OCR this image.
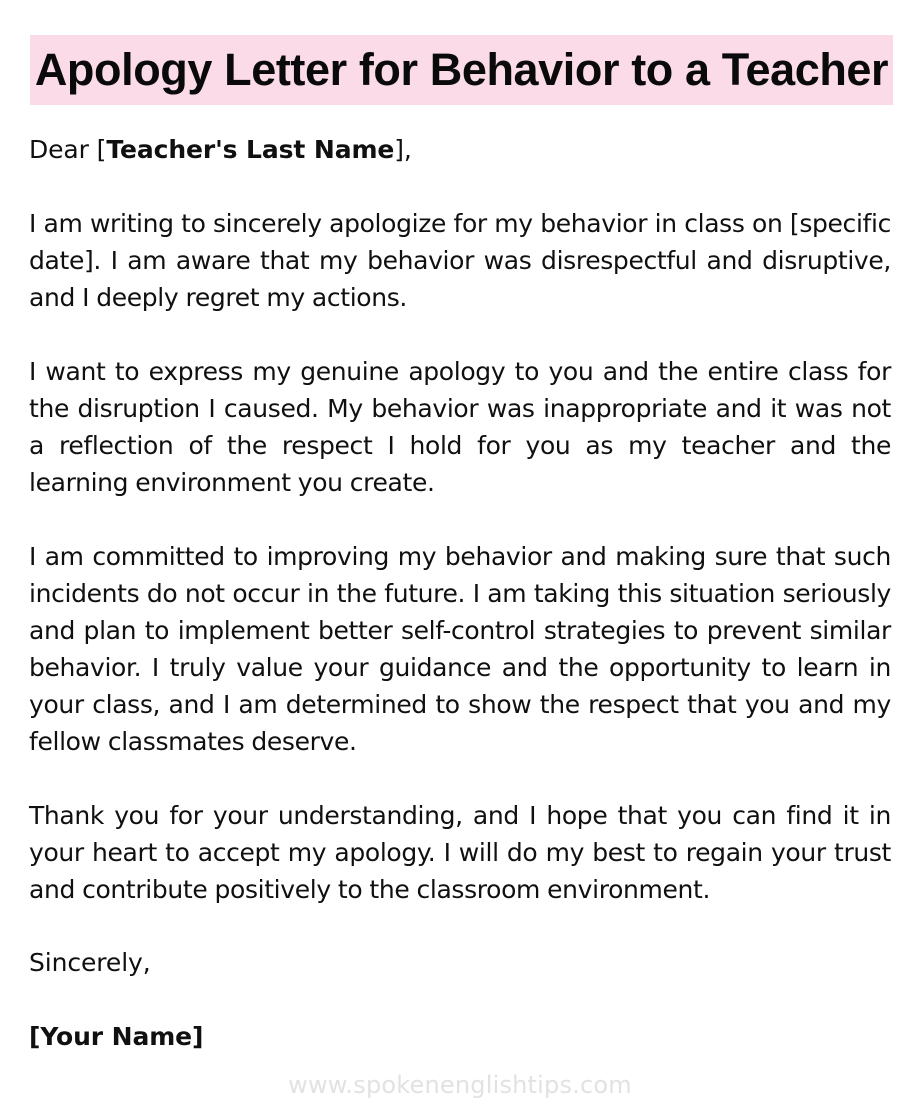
Apology Letter for Behavior to a Teacher
Dear [Teacher's Last Name],

I am writing to sincerely apologize for my behavior in class on [specific date]. I am aware that my behavior was disrespectful and disruptive, and I deeply regret my actions.

I want to express my genuine apology to you and the entire class for the disruption I caused. My behavior was inappropriate and it was not a reflection of the respect I hold for you as my teacher and the learning environment you create.

I am committed to improving my behavior and making sure that such incidents do not occur in the future. I am taking this situation seriously and plan to implement better self-control strategies to prevent similar behavior. I truly value your guidance and the opportunity to learn in your class, and I am determined to show the respect that you and my fellow classmates deserve.

Thank you for your understanding, and I hope that you can find it in your heart to accept my apology. I will do my best to regain your trust and contribute positively to the classroom environment.

Sincerely,
[Your Name]
www.spokenenglishtips.com
